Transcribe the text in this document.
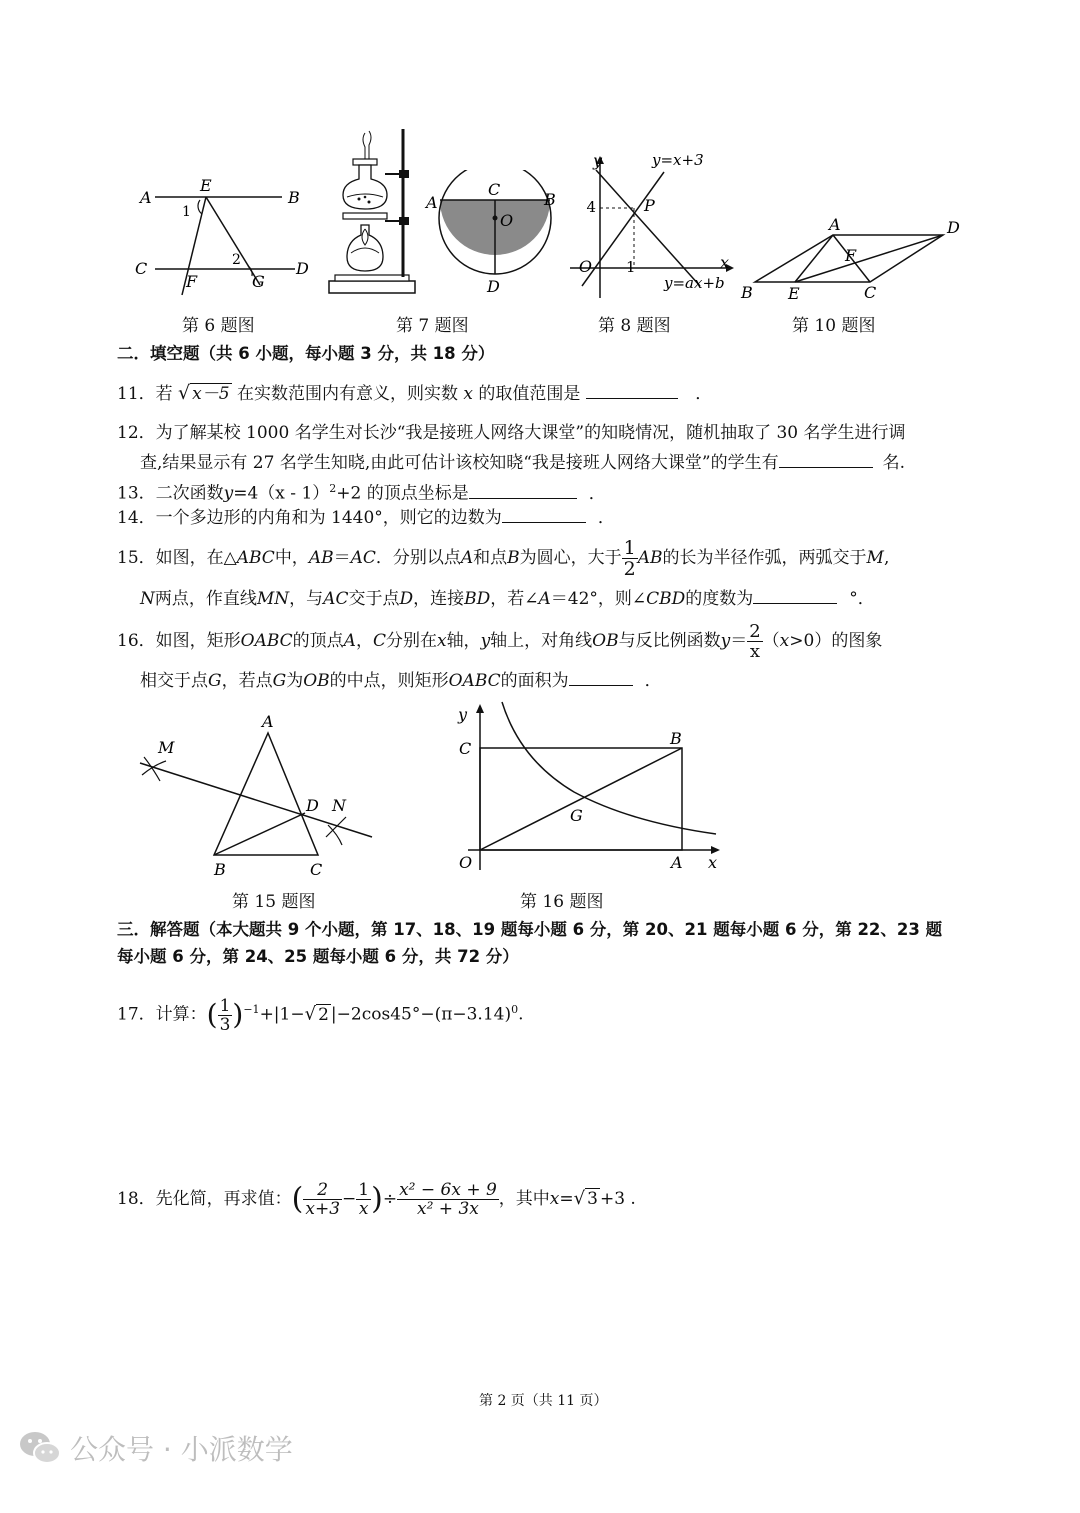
A
E
B
1
C	2	D
F	G
第 6 题图	第 7 题图
A
C
B
O
D
y	y=x+3
4	P
O 1	x
y=ax+b
第 8 题图
A	D
F
B E	C
第 10 题图
二．填空题（共 6 小题，每小题 3 分，共 18 分）
11．若 √ x－5 在实数范围内有意义，则实数 x 的取值范围是	．
12．为了解某校 1000 名学生对长沙“我是接班人网络大课堂”的知晓情况，随机抽取了 30 名学生进行调
查,结果显示有 27 名学生知晓,由此可估计该校知晓“我是接班人网络大课堂”的学生有	名.
13．二次函数y=4（x - 1）$^2$+2 的顶点坐标是	．
14．一个多边形的内角和为 1440°，则它的边数为	．
15．如图，在△ABC中，AB＝AC．分别以点A和点B为圆心，大于 $\frac{1}{2}$ AB的长为半径作弧，两弧交于M,
N两点，作直线MN，与AC交于点D，连接BD，若∠A＝42°，则∠CBD的度数为	°．
16．如图，矩形OABC的顶点A，C分别在x轴，y轴上，对角线OB与反比例函数$y= \frac{2}{x} (x>0)$的图象
相交于点G，若点G为OB的中点，则矩形OABC的面积为	．
A
M
D N
B	C
第 15 题图
y
C
B
G
O	A x
第 16 题图
三．解答题（本大题共 9 个小题，第 17、18、19 题每小题 6 分，第 20、21 题每小题 6 分，第 22、23 题
每小题 6 分，第 24、25 题每小题 6 分，共 72 分）
17．计算：( $\frac{1}{3} )^{-1}+|1-√$ 2 $|-2\cos 45^\circ-(\pi-3.14)^0$.
18．先化简，再求值：( $\frac{2}{x+3} - \frac{1}{x}$ )÷ $\frac{\text{x² − 6x + 9}}{\text{x² + 3x}}$ ，其中x=√ 3 +3 .
第 2 页（共 11 页）
公众号 · 小派数学
